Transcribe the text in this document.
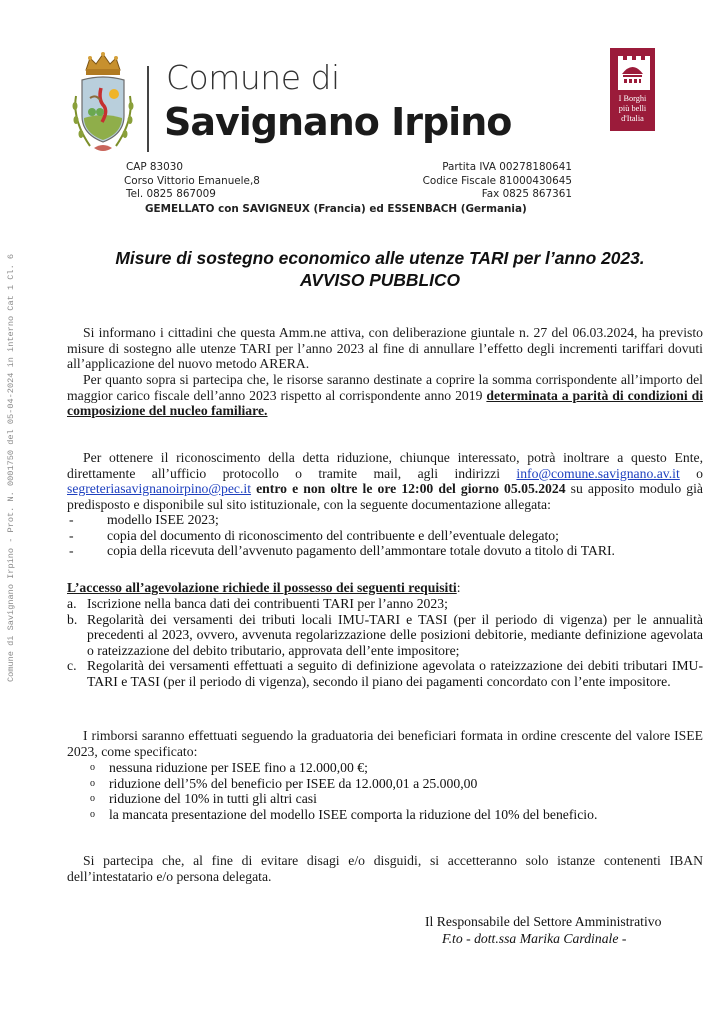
Comune di Savignano Irpino - Prot. N. 0001750 del 05-04-2024 in interno Cat 1 Cl. 6
Comune di
Savignano Irpino
I Borghi
più belli
d'Italia
CAP 83030
Corso Vittorio Emanuele,8
Tel. 0825 867009
Partita IVA 00278180641
Codice Fiscale 81000430645
Fax 0825 867361
GEMELLATO con SAVIGNEUX (Francia) ed ESSENBACH (Germania)
Misure di sostegno economico alle utenze TARI per l’anno 2023.
AVVISO PUBBLICO
Si informano i cittadini che questa Amm.ne attiva, con deliberazione giuntale n. 27 del 06.03.2024, ha previsto misure di sostegno alle utenze TARI per l’anno 2023 al fine di annullare l’effetto degli incrementi tariffari dovuti all’applicazione del nuovo metodo ARERA.
Per quanto sopra si partecipa che, le risorse saranno destinate a coprire la somma corrispondente all’importo del maggior carico fiscale dell’anno 2023 rispetto al corrispondente anno 2019 determinata a parità di condizioni di composizione del nucleo familiare.
Per ottenere il riconoscimento della detta riduzione, chiunque interessato, potrà inoltrare a questo Ente, direttamente all’ufficio protocollo o tramite mail, agli indirizzi info@comune.savignano.av.it o segreteriasavignanoirpino@pec.it entro e non oltre le ore 12:00 del giorno 05.05.2024 su apposito modulo già predisposto e disponibile sul sito istituzionale, con la seguente documentazione allegata:
-	modello ISEE 2023;
-	copia del documento di riconoscimento del contribuente e dell’eventuale delegato;
-	copia della ricevuta dell’avvenuto pagamento dell’ammontare totale dovuto a titolo di TARI.
L’accesso all’agevolazione richiede il possesso dei seguenti requisiti:
a. Iscrizione nella banca dati dei contribuenti TARI per l’anno 2023;
b. Regolarità dei versamenti dei tributi locali IMU-TARI e TASI (per il periodo di vigenza) per le annualità precedenti al 2023, ovvero, avvenuta regolarizzazione delle posizioni debitorie, mediante definizione agevolata o rateizzazione del debito tributario, approvata dell’ente impositore;
c. Regolarità dei versamenti effettuati a seguito di definizione agevolata o rateizzazione dei debiti tributari IMU-TARI e TASI (per il periodo di vigenza), secondo il piano dei pagamenti concordato con l’ente impositore.
I rimborsi saranno effettuati seguendo la graduatoria dei beneficiari formata in ordine crescente del valore ISEE 2023, come specificato:
o	nessuna riduzione per ISEE fino a 12.000,00 €;
o	riduzione dell’5% del beneficio per ISEE da 12.000,01 a 25.000,00
o	riduzione del 10% in tutti gli altri casi
o	la mancata presentazione del modello ISEE comporta la riduzione del 10% del beneficio.
Si partecipa che, al fine di evitare disagi e/o disguidi, si accetteranno solo istanze contenenti IBAN dell’intestatario e/o persona delegata.
Il Responsabile del Settore Amministrativo
F.to - dott.ssa Marika Cardinale -
